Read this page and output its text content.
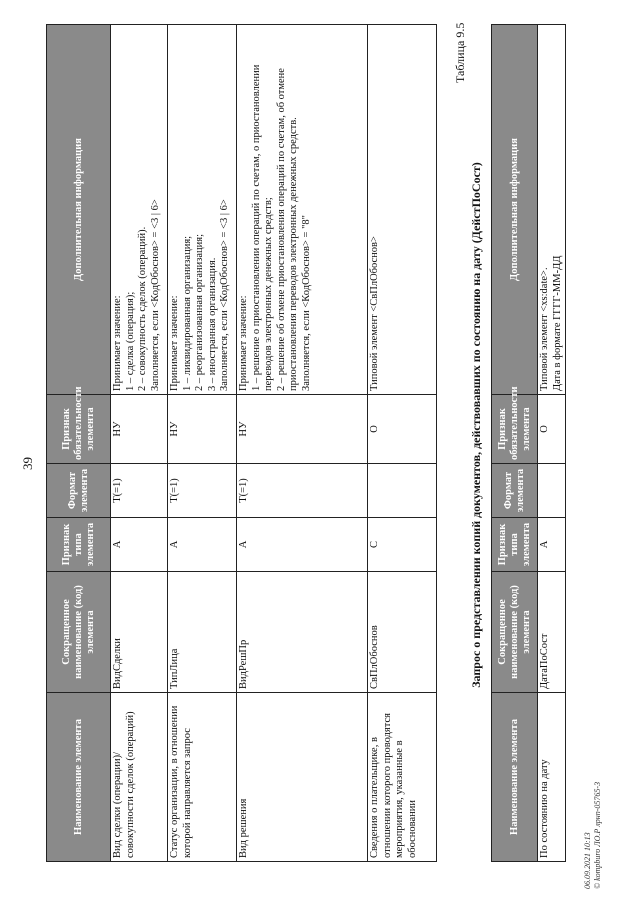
39
Наименование элемента	Сокращенное наименование (код) элемента	Признак типа элемента	Формат элемента	Признак обязательности элемента	Дополнительная информация
Вид сделки (операции)/ совокупности сделок (операций)	ВидСделки	А	T(=1)	НУ	Принимает значение: 1 – сделка (операция); 2 – совокупность сделок (операций). Заполняется, если <КодОбоснов> = <3 | 6>

Статус организации, в отношении которой направляется запрос	ТипЛица	А	T(=1)	НУ	Принимает значение: 1 – ликвидированная организация; 2 – реорганизованная организация; 3 – иностранная организация. Заполняется, если <КодОбоснов> = <3 | 6>

Вид решения	ВидРешПр	А	T(=1)	НУ	Принимает значение: 1 – решение о приостановлении операций по счетам, о приостановлении переводов электронных денежных средств; 2 – решение об отмене приостановления операций по счетам, об отмене приостановления переводов электронных денежных средств. Заполняется, если <КодОбоснов> = "8"

Сведения о плательщике, в отношении которого проводятся мероприятия, указанные в обосновании	СвПлОбоснов	С		О	Типовой элемент <СвПлОбоснов>
Таблица 9.5
Запрос о представлении копий документов, действовавших по состоянию на дату (ДейстПоСост)
Наименование элемента	Сокращенное наименование (код) элемента	Признак типа элемента	Формат элемента	Признак обязательности элемента	Дополнительная информация
По состоянию на дату	ДатаПоСост	А		О	Типовой элемент <xs:date>. Дата в формате ГГГГ-ММ-ДД
06.09.2021 10:13 © kompburo ЛО.Р лрнп-05765-3
